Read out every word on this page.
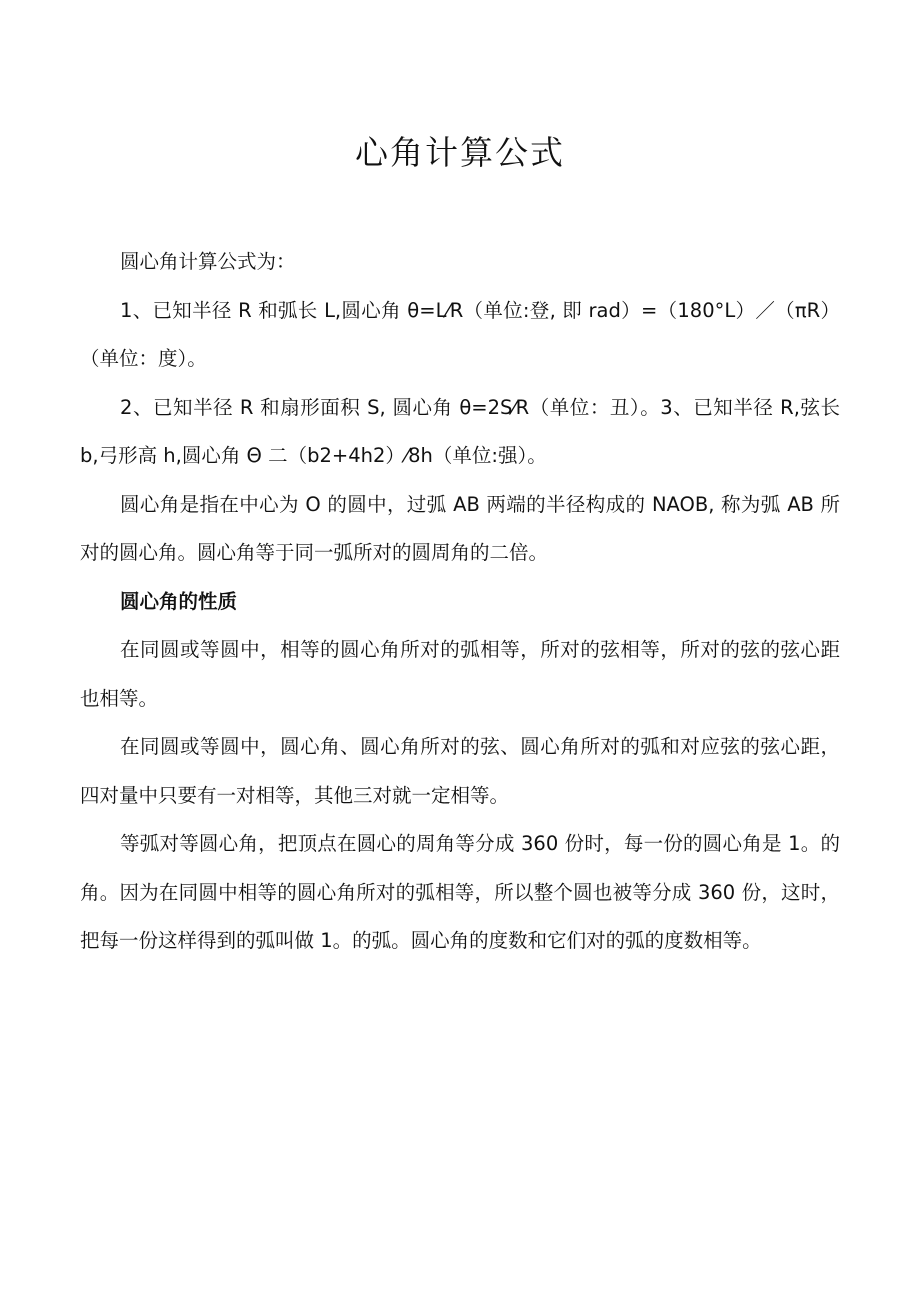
心角计算公式

圆心角计算公式为：

1、已知半径 R 和弧长 L,圆心角 θ=L⁄R（单位:登, 即 rad）=（180°L）／（πR）（单位：度）。

2、已知半径 R 和扇形面积 S, 圆心角 θ=2S⁄R（单位：丑）。3、已知半径 R,弦长 b,弓形高 h,圆心角 Θ 二（b2+4h2）⁄8h（单位:强）。

圆心角是指在中心为 O 的圆中，过弧 AB 两端的半径构成的 NAOB, 称为弧 AB 所对的圆心角。圆心角等于同一弧所对的圆周角的二倍。

圆心角的性质

在同圆或等圆中，相等的圆心角所对的弧相等，所对的弦相等，所对的弦的弦心距也相等。

在同圆或等圆中，圆心角、圆心角所对的弦、圆心角所对的弧和对应弦的弦心距，四对量中只要有一对相等，其他三对就一定相等。

等弧对等圆心角，把顶点在圆心的周角等分成 360 份时，每一份的圆心角是 1。的角。因为在同圆中相等的圆心角所对的弧相等，所以整个圆也被等分成 360 份，这时，把每一份这样得到的弧叫做 1。的弧。圆心角的度数和它们对的弧的度数相等。
